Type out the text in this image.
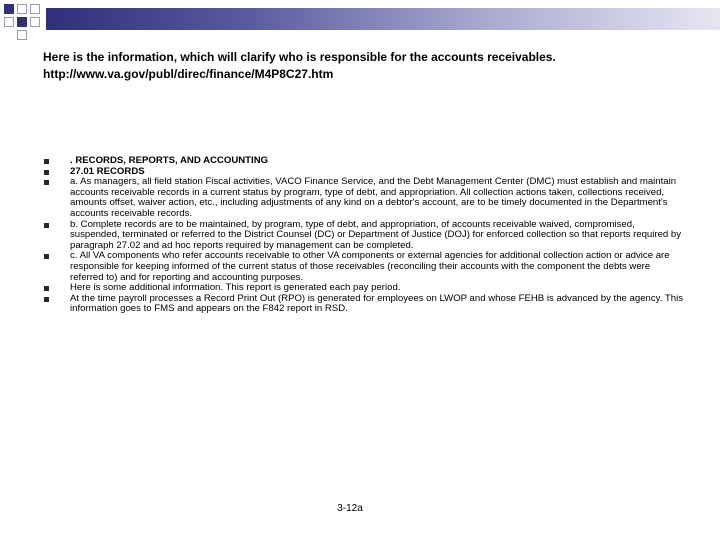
Here is the information, which will clarify who is responsible for the accounts receivables.

http://www.va.gov/publ/direc/finance/M4P8C27.htm

. RECORDS, REPORTS, AND ACCOUNTING
27.01 RECORDS
a. As managers, all field station Fiscal activities, VACO Finance Service, and the Debt Management Center (DMC) must establish and maintain accounts receivable records in a current status by program, type of debt, and appropriation. All collection actions taken, collections received, amounts offset, waiver action, etc., including adjustments of any kind on a debtor's account, are to be timely documented in the Department's accounts receivable records.
b. Complete records are to be maintained, by program, type of debt, and appropriation, of accounts receivable waived, compromised, suspended, terminated or referred to the District Counsel (DC) or Department of Justice (DOJ) for enforced collection so that reports required by paragraph 27.02 and ad hoc reports required by management can be completed.
c. All VA components who refer accounts receivable to other VA components or external agencies for additional collection action or advice are responsible for keeping informed of the current status of those receivables (reconciling their accounts with the component the debts were referred to) and for reporting and accounting purposes.
Here is some additional information. This report is generated each pay period.
At the time payroll processes a Record Print Out (RPO) is generated for employees on LWOP and whose FEHB is advanced by the agency. This information goes to FMS and appears on the F842 report in RSD.
3-12a
